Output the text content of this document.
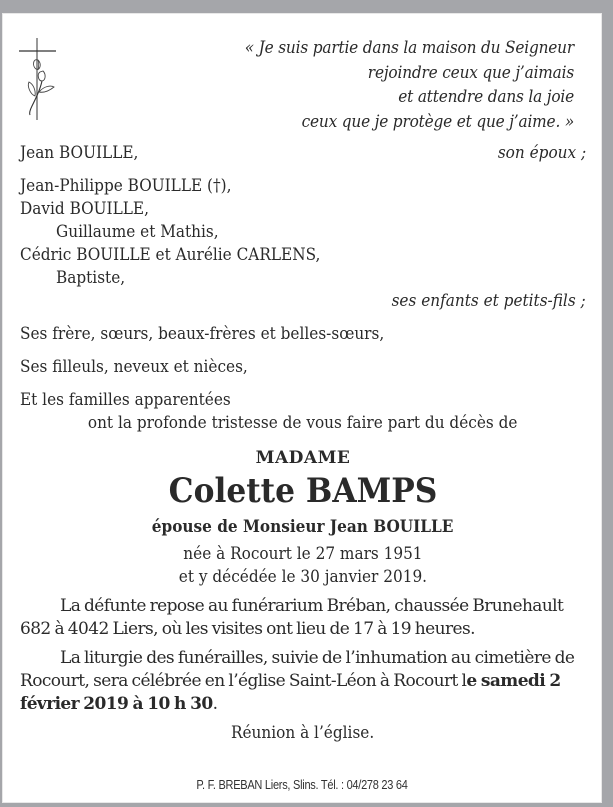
« Je suis partie dans la maison du Seigneur
rejoindre ceux que j’aimais
et attendre dans la joie
ceux que je protège et que j’aime. »
Jean BOUILLE,	son époux ;
Jean-Philippe BOUILLE (†),
David BOUILLE,
Guillaume et Mathis,
Cédric BOUILLE et Aurélie CARLENS,
Baptiste,
ses enfants et petits-fils ;
Ses frère, sœurs, beaux-frères et belles-sœurs,
Ses filleuls, neveux et nièces,
Et les familles apparentées
ont la profonde tristesse de vous faire part du décès de
MADAME
Colette BAMPS
épouse de Monsieur Jean BOUILLE
née à Rocourt le 27 mars 1951
et y décédée le 30 janvier 2019.
La défunte repose au funérarium Bréban, chaussée Brunehault 682 à 4042 Liers, où les visites ont lieu de 17 à 19 heures.
La liturgie des funérailles, suivie de l’inhumation au cimetière de Rocourt, sera célébrée en l’église Saint-Léon à Rocourt le samedi 2 février 2019 à 10 h 30.
Réunion à l’église.
P. F. BREBAN Liers, Slins. Tél. : 04/278 23 64
